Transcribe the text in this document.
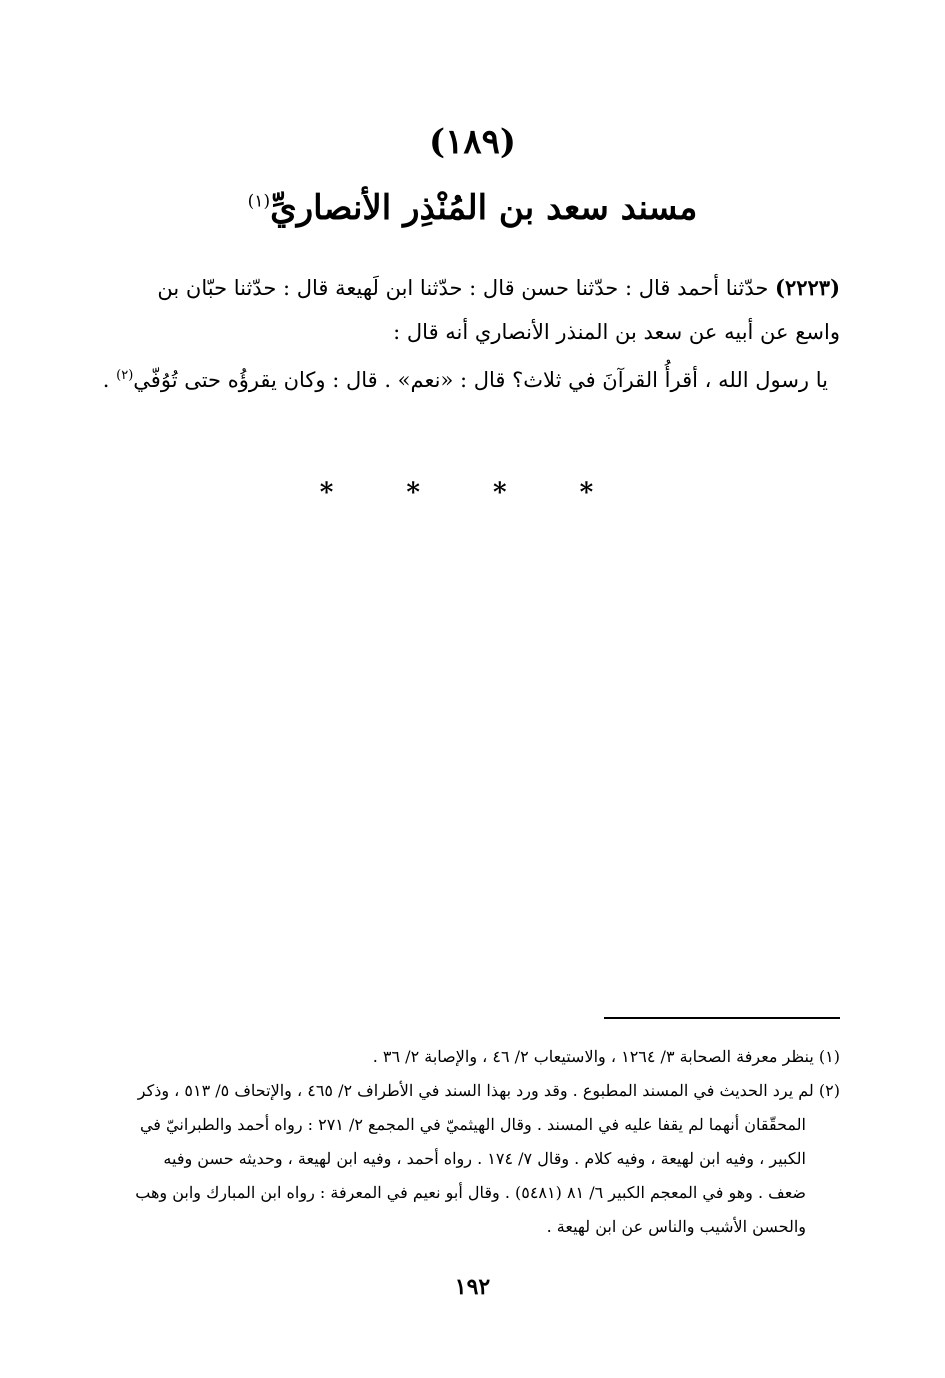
(١٨٩)
مسند سعد بن المُنْذِر الأنصاريِّ$^{(١)}$
(٢٢٢٣) حدّثنا أحمد قال : حدّثنا حسن قال : حدّثنا ابن لَهيعة قال : حدّثنا حبّان بن
واسع عن أبيه عن سعد بن المنذر الأنصاري أنه قال :
يا رسول الله ، أقرأُ القرآنَ في ثلاث؟ قال : «نعم» . قال : وكان يقرؤُه حتى تُوُفّي$^{(٢)}$ .
* * * *
(١) ينظر معرفة الصحابة ٣/ ١٢٦٤ ، والاستيعاب ٢/ ٤٦ ، والإصابة ٢/ ٣٦ .
(٢) لم يرد الحديث في المسند المطبوع . وقد ورد بهذا السند في الأطراف ٢/ ٤٦٥ ، والإتحاف ٥/ ٥١٣ ، وذكر
المحقّقان أنهما لم يقفا عليه في المسند . وقال الهيثميّ في المجمع ٢/ ٢٧١ : رواه أحمد والطبرانيّ في
الكبير ، وفيه ابن لهيعة ، وفيه كلام . وقال ٧/ ١٧٤ . رواه أحمد ، وفيه ابن لهيعة ، وحديثه حسن وفيه
ضعف . وهو في المعجم الكبير ٦/ ٨١ (٥٤٨١) . وقال أبو نعيم في المعرفة : رواه ابن المبارك وابن وهب
والحسن الأشيب والناس عن ابن لهيعة .
١٩٢
